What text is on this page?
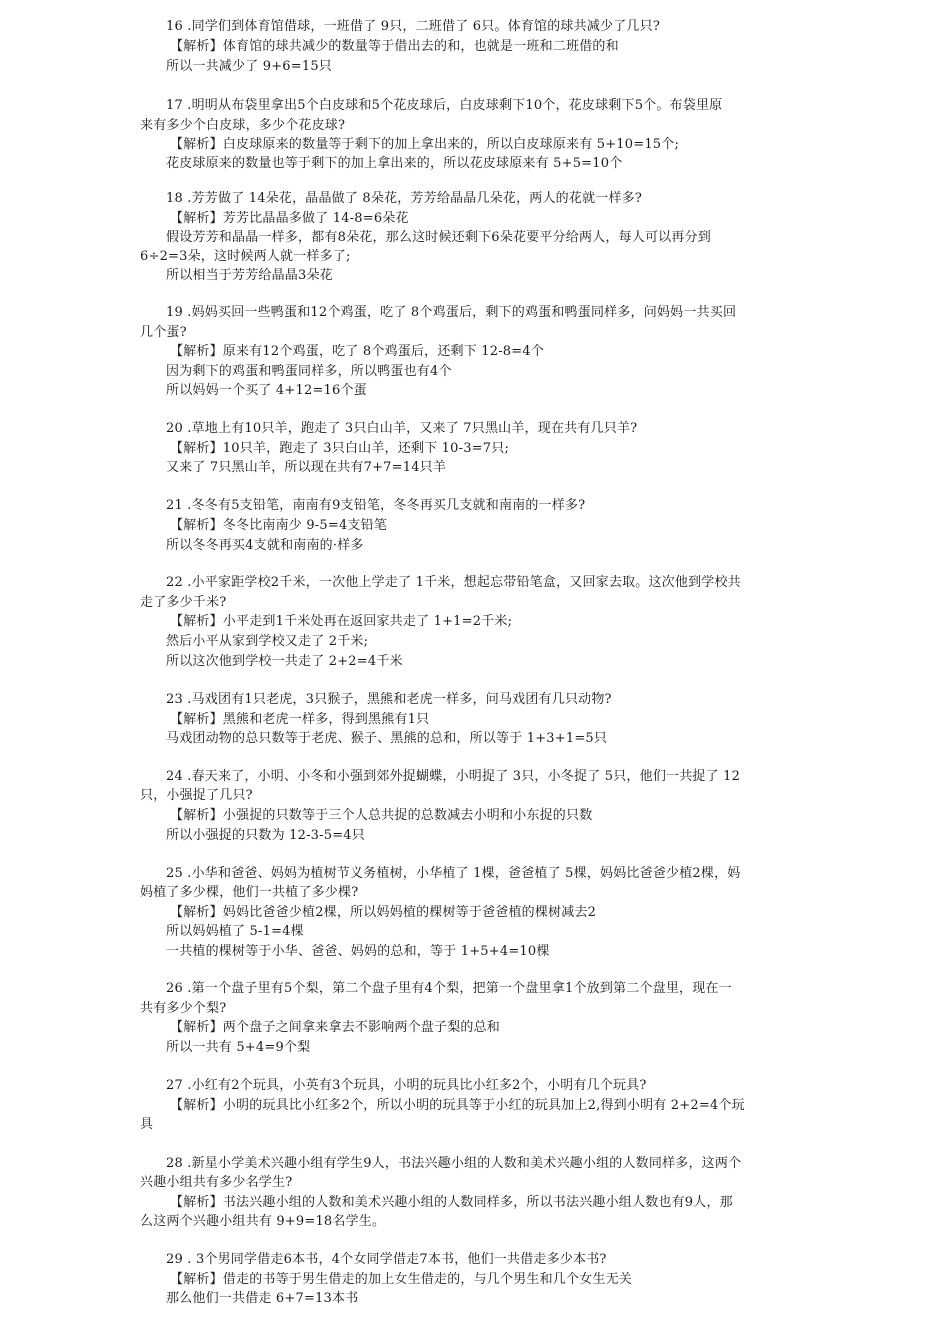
16 .同学们到体育馆借球，一班借了 9只，二班借了 6只。体育馆的球共减少了几只?
【解析】体育馆的球共减少的数量等于借出去的和，也就是一班和二班借的和
所以一共减少了 9+6=15只
17 .明明从布袋里拿出5个白皮球和5个花皮球后，白皮球剩下10个，花皮球剩下5个。布袋里原
来有多少个白皮球，多少个花皮球?
【解析】白皮球原来的数量等于剩下的加上拿出来的，所以白皮球原来有 5+10=15个;
花皮球原来的数量也等于剩下的加上拿出来的，所以花皮球原来有 5+5=10个
18 .芳芳做了 14朵花，晶晶做了 8朵花，芳芳给晶晶几朵花，两人的花就一样多?
【解析】芳芳比晶晶多做了 14-8=6朵花
假设芳芳和晶晶一样多，都有8朵花，那么这时候还剩下6朵花要平分给两人，每人可以再分到
6÷2=3朵，这时候两人就一样多了;
所以相当于芳芳给晶晶3朵花
19 .妈妈买回一些鸭蛋和12个鸡蛋，吃了 8个鸡蛋后，剩下的鸡蛋和鸭蛋同样多，问妈妈一共买回
几个蛋?
【解析】原来有12个鸡蛋，吃了 8个鸡蛋后，还剩下 12-8=4个
因为剩下的鸡蛋和鸭蛋同样多，所以鸭蛋也有4个
所以妈妈一个买了 4+12=16个蛋
20 .草地上有10只羊，跑走了 3只白山羊，又来了 7只黑山羊，现在共有几只羊?
【解析】10只羊，跑走了 3只白山羊，还剩下 10-3=7只;
又来了 7只黑山羊，所以现在共有7+7=14只羊
21 .冬冬有5支铅笔，南南有9支铅笔，冬冬再买几支就和南南的一样多?
【解析】冬冬比南南少 9-5=4支铅笔
所以冬冬再买4支就和南南的·样多
22 .小平家距学校2千米，一次他上学走了 1千米，想起忘带铅笔盒，又回家去取。这次他到学校共
走了多少千米?
【解析】小平走到1千米处再在返回家共走了 1+1=2千米;
然后小平从家到学校又走了 2千米;
所以这次他到学校一共走了 2+2=4千米
23 .马戏团有1只老虎，3只猴子，黑熊和老虎一样多，问马戏团有几只动物?
【解析】黑熊和老虎一样多，得到黑熊有1只
马戏团动物的总只数等于老虎、猴子、黑熊的总和，所以等于 1+3+1=5只
24 .春天来了，小明、小冬和小强到郊外捉蝴蝶，小明捉了 3只，小冬捉了 5只，他们一共捉了 12
只，小强捉了几只?
【解析】小强捉的只数等于三个人总共捉的总数减去小明和小东捉的只数
所以小强捉的只数为 12-3-5=4只
25 .小华和爸爸、妈妈为植树节义务植树，小华植了 1棵，爸爸植了 5棵，妈妈比爸爸少植2棵，妈
妈植了多少棵，他们一共植了多少棵?
【解析】妈妈比爸爸少植2棵，所以妈妈植的棵树等于爸爸植的棵树减去2
所以妈妈植了 5-1=4棵
一共植的棵树等于小华、爸爸、妈妈的总和，等于 1+5+4=10棵
26 .第一个盘子里有5个梨，第二个盘子里有4个梨，把第一个盘里拿1个放到第二个盘里，现在一
共有多少个梨?
【解析】两个盘子之间拿来拿去不影响两个盘子梨的总和
所以一共有 5+4=9个梨
27 .小红有2个玩具，小英有3个玩具，小明的玩具比小红多2个，小明有几个玩具?
【解析】小明的玩具比小红多2个，所以小明的玩具等于小红的玩具加上2,得到小明有 2+2=4个玩
具
28 .新星小学美术兴趣小组有学生9人，书法兴趣小组的人数和美术兴趣小组的人数同样多，这两个
兴趣小组共有多少名学生?
【解析】书法兴趣小组的人数和美术兴趣小组的人数同样多，所以书法兴趣小组人数也有9人，那
么这两个兴趣小组共有 9+9=18名学生。
29 . 3个男同学借走6本书，4个女同学借走7本书，他们一共借走多少本书?
【解析】借走的书等于男生借走的加上女生借走的，与几个男生和几个女生无关
那么他们一共借走 6+7=13本书
